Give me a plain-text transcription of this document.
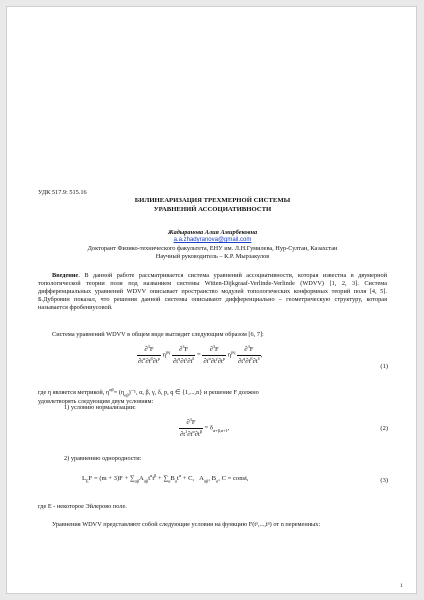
УДК 517.9: 515.16
БИЛИНЕАРИЗАЦИЯ ТРЕХМЕРНОЙ СИСТЕМЫ
УРАВНЕНИЙ АССОЦИАТИВНОСТИ
Жадыранова Алия Амирбековна
a.a.zhadyranova@gmail.com
Докторант Физико-технического факультета, ЕНУ им. Л.Н.Гумилева, Нур-Султан, Казахстан
Научный руководитель – К.Р. Мырзакулов
Введение. В данной работе рассматривается система уравнений ассоциативности, которая известна в двумерной топологической теории поля под названием системы Witten-Dijkgraaf-Verlinde-Verlinde (WDVV) [1, 2, 3]. Система дифференциальных уравнений WDVV описывает пространство модулей топологических конформных теорий поля [4, 5]. Б.Дубровин показал, что решения данной системы описывают дифференциально – геометрическую структуру, которая называется фробениусовой.
Система уравнений WDVV в общем виде выглядит следующим образом [6, 7]:
$\frac{\partial^3F}{\partial t^\alpha\partial t^\beta\partial t^p} \eta^{pq} \frac{\partial^3F}{\partial t^q\partial t^\gamma\partial t^\delta} = \frac{\partial^3F}{\partial t^\alpha\partial t^\gamma\partial t^p} \eta^{pq} \frac{\partial^3F}{\partial t^q\partial t^\beta\partial t^\delta}$ ,
(1)
где η является метрикой, $\eta^{\alpha\beta}= (\eta_{\alpha\beta})^{-1}$, α, β, γ, δ, p, q ∈ {1,...,n} и решение F должно
удовлетворять следующим двум условиям:
1) условию нормализации:
$\frac{\partial^3F}{\partial t^1\partial t^\alpha\partial t^\beta} = \delta_{\alpha+\beta,n+1}$,	(2)
2) уравнению однородности:
$L_EF = (m + 3)F + \sum_{\alpha\beta}A_{\alpha\beta}t^\alpha t^\beta + \sum_\alpha B_\alpha t^\alpha + C$,   $A_{\alpha\beta}$, $B_\alpha$, C = const,	(3)
где E - некоторое Эйлерово поле.
Уравнения WDVV представляют собой следующие условия на функцию F(t¹,...,tⁿ) от n переменных:
1
